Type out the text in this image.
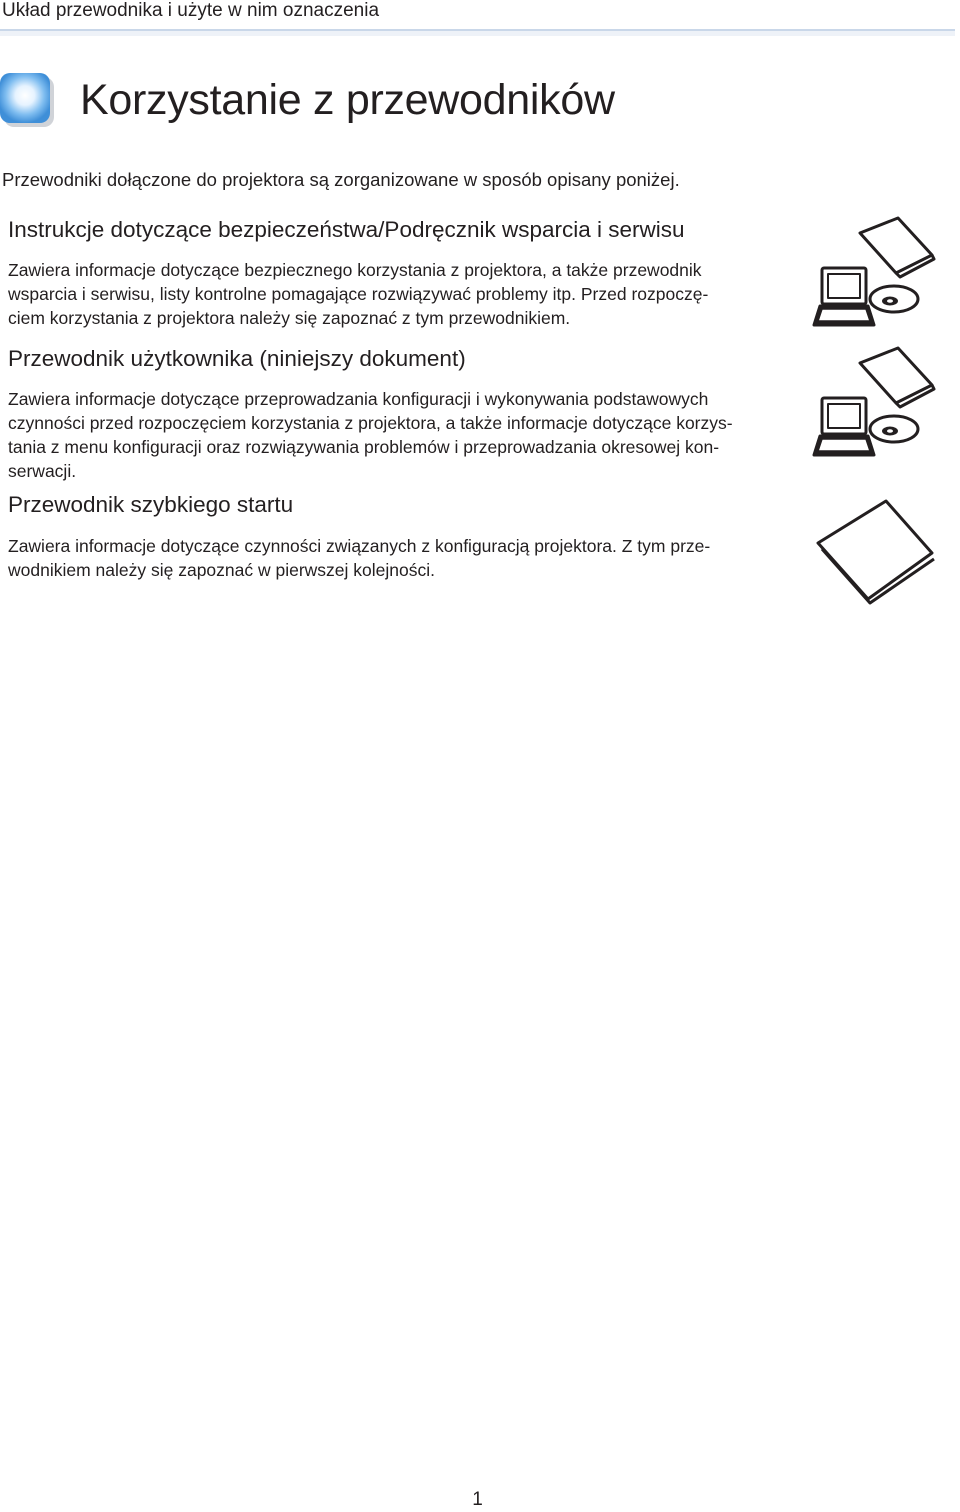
Układ przewodnika i użyte w nim oznaczenia
Korzystanie z przewodników
Przewodniki dołączone do projektora są zorganizowane w sposób opisany poniżej.
Instrukcje dotyczące bezpieczeństwa/Podręcznik wsparcia i serwisu
Zawiera informacje dotyczące bezpiecznego korzystania z projektora, a także przewodnik
wsparcia i serwisu, listy kontrolne pomagające rozwiązywać problemy itp. Przed rozpoczę-
ciem korzystania z projektora należy się zapoznać z tym przewodnikiem.
Przewodnik użytkownika (niniejszy dokument)
Zawiera informacje dotyczące przeprowadzania konfiguracji i wykonywania podstawowych
czynności przed rozpoczęciem korzystania z projektora, a także informacje dotyczące korzys-
tania z menu konfiguracji oraz rozwiązywania problemów i przeprowadzania okresowej kon-
serwacji.
Przewodnik szybkiego startu
Zawiera informacje dotyczące czynności związanych z konfiguracją projektora. Z tym prze-
wodnikiem należy się zapoznać w pierwszej kolejności.
1
